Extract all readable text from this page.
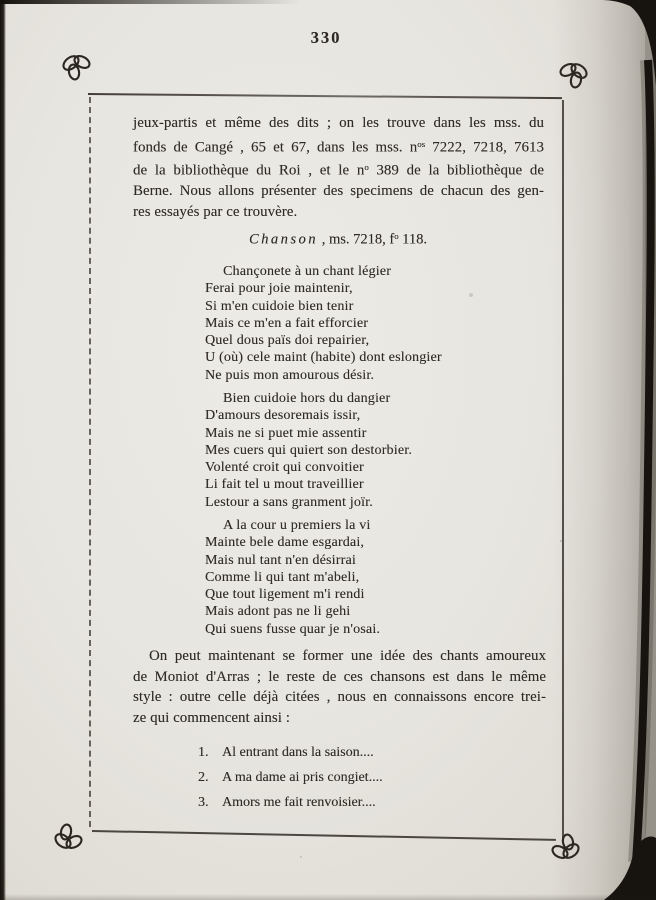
330
jeux-partis et même des dits ; on les trouve dans les mss. du
fonds de Cangé , 65 et 67, dans les mss. $n^{os}$ 7222, 7218, 7613
de la bibliothèque du Roi , et le $n^o$ 389 de la bibliothèque de
Berne. Nous allons présenter des specimens de chacun des gen-
res essayés par ce trouvère.
Chanson , ms. 7218, $f^o$ 118.
Chançonete à un chant légier
Ferai pour joie maintenir,
Si m'en cuidoie bien tenir
Mais ce m'en a fait efforcier
Quel dous païs doi repairier,
U (où) cele maint (habite) dont eslongier
Ne puis mon amourous désir.
Bien cuidoie hors du dangier
D'amours desoremais issir,
Mais ne si puet mie assentir
Mes cuers qui quiert son destorbier.
Volenté croit qui convoitier
Li fait tel u mout traveillier
Lestour a sans granment joïr.
A la cour u premiers la vi
Mainte bele dame esgardai,
Mais nul tant n'en désirrai
Comme li qui tant m'abeli,
Que tout ligement m'i rendi
Mais adont pas ne li gehi
Qui suens fusse quar je n'osai.
On peut maintenant se former une idée des chants amoureux
de Moniot d'Arras ; le reste de ces chansons est dans le même
style : outre celle déjà citées , nous en connaissons encore trei-
ze qui commencent ainsi :
1. Al entrant dans la saison....
2. A ma dame ai pris congiet....
3. Amors me fait renvoisier....
